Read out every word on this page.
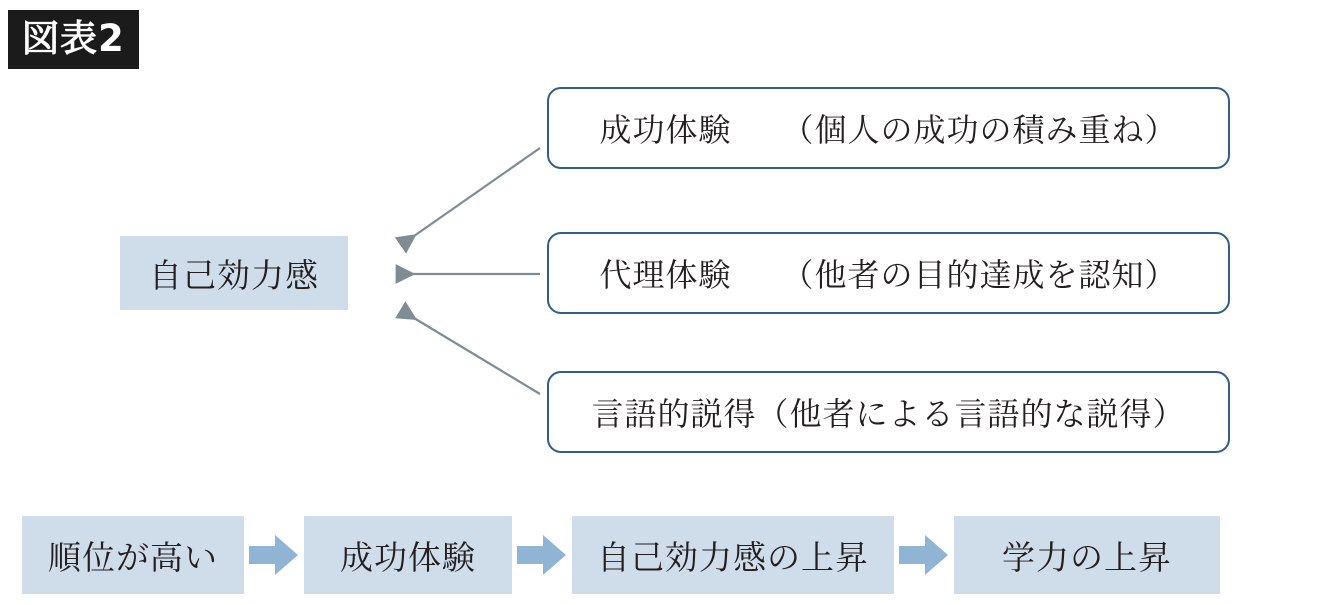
図表2
自己効力感
成功体験　　（個人の成功の積み重ね）
代理体験　　（他者の目的達成を認知）
言語的説得（他者による言語的な説得）
順位が高い	成功体験	自己効力感の上昇	学力の上昇
